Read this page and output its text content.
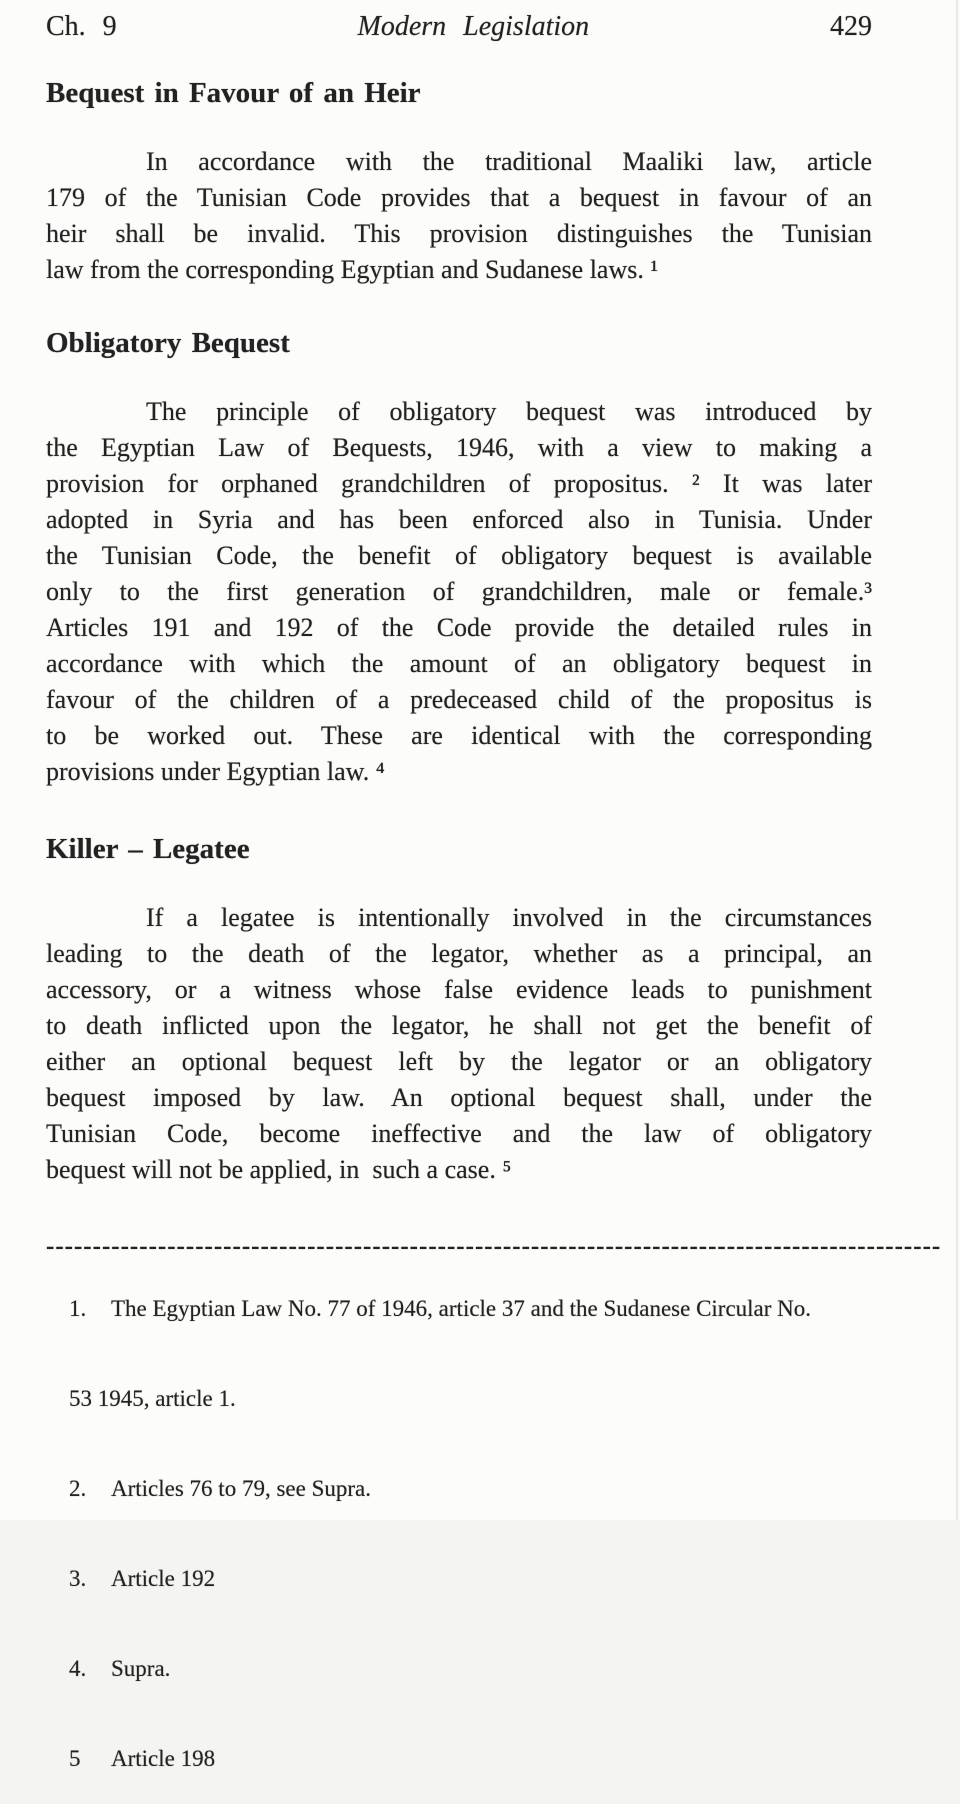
Ch. 9	Modern Legislation	429
Bequest in Favour of an Heir
In accordance with the traditional Maaliki law, article
179 of the Tunisian Code provides that a bequest in favour of an
heir shall be invalid. This provision distinguishes the Tunisian
law from the corresponding Egyptian and Sudanese laws. ¹
Obligatory Bequest
The principle of obligatory bequest was introduced by
the Egyptian Law of Bequests, 1946, with a view to making a
provision for orphaned grandchildren of propositus. ² It was later
adopted in Syria and has been enforced also in Tunisia. Under
the Tunisian Code, the benefit of obligatory bequest is available
only to the first generation of grandchildren, male or female.³
Articles 191 and 192 of the Code provide the detailed rules in
accordance with which the amount of an obligatory bequest in
favour of the children of a predeceased child of the propositus is
to be worked out. These are identical with the corresponding
provisions under Egyptian law. ⁴
Killer – Legatee
If a legatee is intentionally involved in the circumstances
leading to the death of the legator, whether as a principal, an
accessory, or a witness whose false evidence leads to punishment
to death inflicted upon the legator, he shall not get the benefit of
either an optional bequest left by the legator or an obligatory
bequest imposed by law. An optional bequest shall, under the
Tunisian Code, become ineffective and the law of obligatory
bequest will not be applied, in  such a case. ⁵
------------------------------------------------------------------------------------------------

1. The Egyptian Law No. 77 of 1946, article 37 and the Sudanese Circular No.

53 1945, article 1.

2. Articles 76 to 79, see Supra.

3. Article 192

4. Supra.

5 Article 198
